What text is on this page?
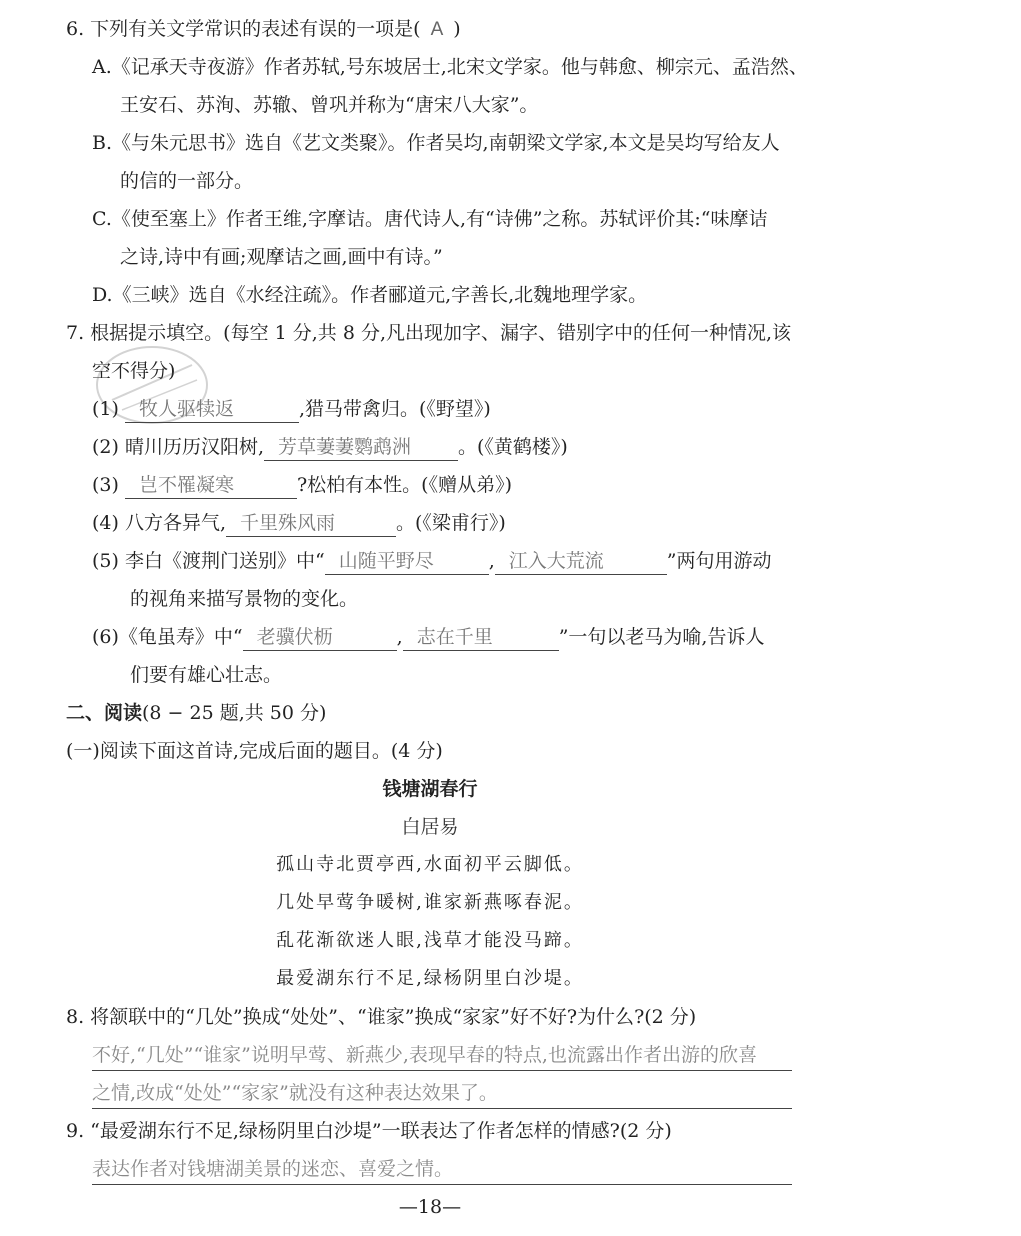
6. 下列有关文学常识的表述有误的一项是( A )
A.《记承天寺夜游》作者苏轼,号东坡居士,北宋文学家。他与韩愈、柳宗元、孟浩然、
王安石、苏洵、苏辙、曾巩并称为“唐宋八大家”。
B.《与朱元思书》选自《艺文类聚》。作者吴均,南朝梁文学家,本文是吴均写给友人
的信的一部分。
C.《使至塞上》作者王维,字摩诘。唐代诗人,有“诗佛”之称。苏轼评价其:“味摩诘
之诗,诗中有画;观摩诘之画,画中有诗。”
D.《三峡》选自《水经注疏》。作者郦道元,字善长,北魏地理学家。
7. 根据提示填空。(每空 1 分,共 8 分,凡出现加字、漏字、错别字中的任何一种情况,该
空不得分)
(1) 牧人驱犊返	,猎马带禽归。(《野望》)
(2) 晴川历历汉阳树, 芳草萋萋鹦鹉洲 。(《黄鹤楼》)
(3) 岂不罹凝寒	?松柏有本性。(《赠从弟》)
(4) 八方各异气, 千里殊风雨	。(《梁甫行》)
(5) 李白《渡荆门送别》中“ 山随平野尽	, 江入大荒流	”两句用游动
的视角来描写景物的变化。
(6)《龟虽寿》中“ 老骥伏枥	, 志在千里	”一句以老马为喻,告诉人
们要有雄心壮志。
二、阅读(8 − 25 题,共 50 分)
(一)阅读下面这首诗,完成后面的题目。(4 分)
钱塘湖春行
白居易
孤山寺北贾亭西,水面初平云脚低。
几处早莺争暖树,谁家新燕啄春泥。
乱花渐欲迷人眼,浅草才能没马蹄。
最爱湖东行不足,绿杨阴里白沙堤。
8. 将颔联中的“几处”换成“处处”、“谁家”换成“家家”好不好?为什么?(2 分)
不好,“几处”“谁家”说明早莺、新燕少,表现早春的特点,也流露出作者出游的欣喜
之情,改成“处处”“家家”就没有这种表达效果了。
9. “最爱湖东行不足,绿杨阴里白沙堤”一联表达了作者怎样的情感?(2 分)
表达作者对钱塘湖美景的迷恋、喜爱之情。
—18—
